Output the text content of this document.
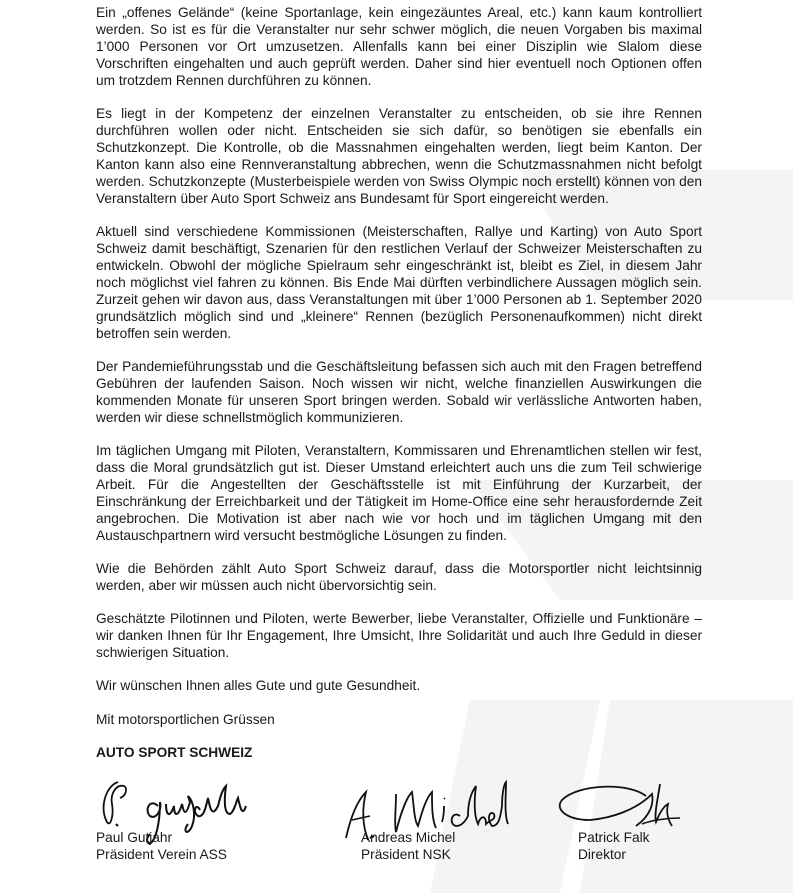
Ein „offenes Gelände“ (keine Sportanlage, kein eingezäuntes Areal, etc.) kann kaum kontrolliert werden. So ist es für die Veranstalter nur sehr schwer möglich, die neuen Vorgaben bis maximal 1’000 Personen vor Ort umzusetzen. Allenfalls kann bei einer Disziplin wie Slalom diese Vorschriften eingehalten und auch geprüft werden. Daher sind hier eventuell noch Optionen offen um trotzdem Rennen durchführen zu können.

Es liegt in der Kompetenz der einzelnen Veranstalter zu entscheiden, ob sie ihre Rennen durchführen wollen oder nicht. Entscheiden sie sich dafür, so benötigen sie ebenfalls ein Schutzkonzept. Die Kontrolle, ob die Massnahmen eingehalten werden, liegt beim Kanton. Der Kanton kann also eine Rennveranstaltung abbrechen, wenn die Schutzmassnahmen nicht befolgt werden. Schutzkonzepte (Musterbeispiele werden von Swiss Olympic noch erstellt) können von den Veranstaltern über Auto Sport Schweiz ans Bundesamt für Sport eingereicht werden.

Aktuell sind verschiedene Kommissionen (Meisterschaften, Rallye und Karting) von Auto Sport Schweiz damit beschäftigt, Szenarien für den restlichen Verlauf der Schweizer Meisterschaften zu entwickeln. Obwohl der mögliche Spielraum sehr eingeschränkt ist, bleibt es Ziel, in diesem Jahr noch möglichst viel fahren zu können. Bis Ende Mai dürften verbindlichere Aussagen möglich sein. Zurzeit gehen wir davon aus, dass Veranstaltungen mit über 1’000 Personen ab 1. September 2020 grundsätzlich möglich sind und „kleinere“ Rennen (bezüglich Personenaufkommen) nicht direkt betroffen sein werden.

Der Pandemieführungsstab und die Geschäftsleitung befassen sich auch mit den Fragen betreffend Gebühren der laufenden Saison. Noch wissen wir nicht, welche finanziellen Auswirkungen die kommenden Monate für unseren Sport bringen werden. Sobald wir verlässliche Antworten haben, werden wir diese schnellstmöglich kommunizieren.

Im täglichen Umgang mit Piloten, Veranstaltern, Kommissaren und Ehrenamtlichen stellen wir fest, dass die Moral grundsätzlich gut ist. Dieser Umstand erleichtert auch uns die zum Teil schwierige Arbeit. Für die Angestellten der Geschäftsstelle ist mit Einführung der Kurzarbeit, der Einschränkung der Erreichbarkeit und der Tätigkeit im Home-Office eine sehr herausfordernde Zeit angebrochen. Die Motivation ist aber nach wie vor hoch und im täglichen Umgang mit den Austauschpartnern wird versucht bestmögliche Lösungen zu finden.

Wie die Behörden zählt Auto Sport Schweiz darauf, dass die Motorsportler nicht leichtsinnig werden, aber wir müssen auch nicht übervorsichtig sein.

Geschätzte Pilotinnen und Piloten, werte Bewerber, liebe Veranstalter, Offizielle und Funktionäre – wir danken Ihnen für Ihr Engagement, Ihre Umsicht, Ihre Solidarität und auch Ihre Geduld in dieser schwierigen Situation.

Wir wünschen Ihnen alles Gute und gute Gesundheit.

Mit motorsportlichen Grüssen

AUTO SPORT SCHWEIZ

Paul Gutjahr
Präsident Verein ASS
Andreas Michel
Präsident NSK
Patrick Falk
Direktor
